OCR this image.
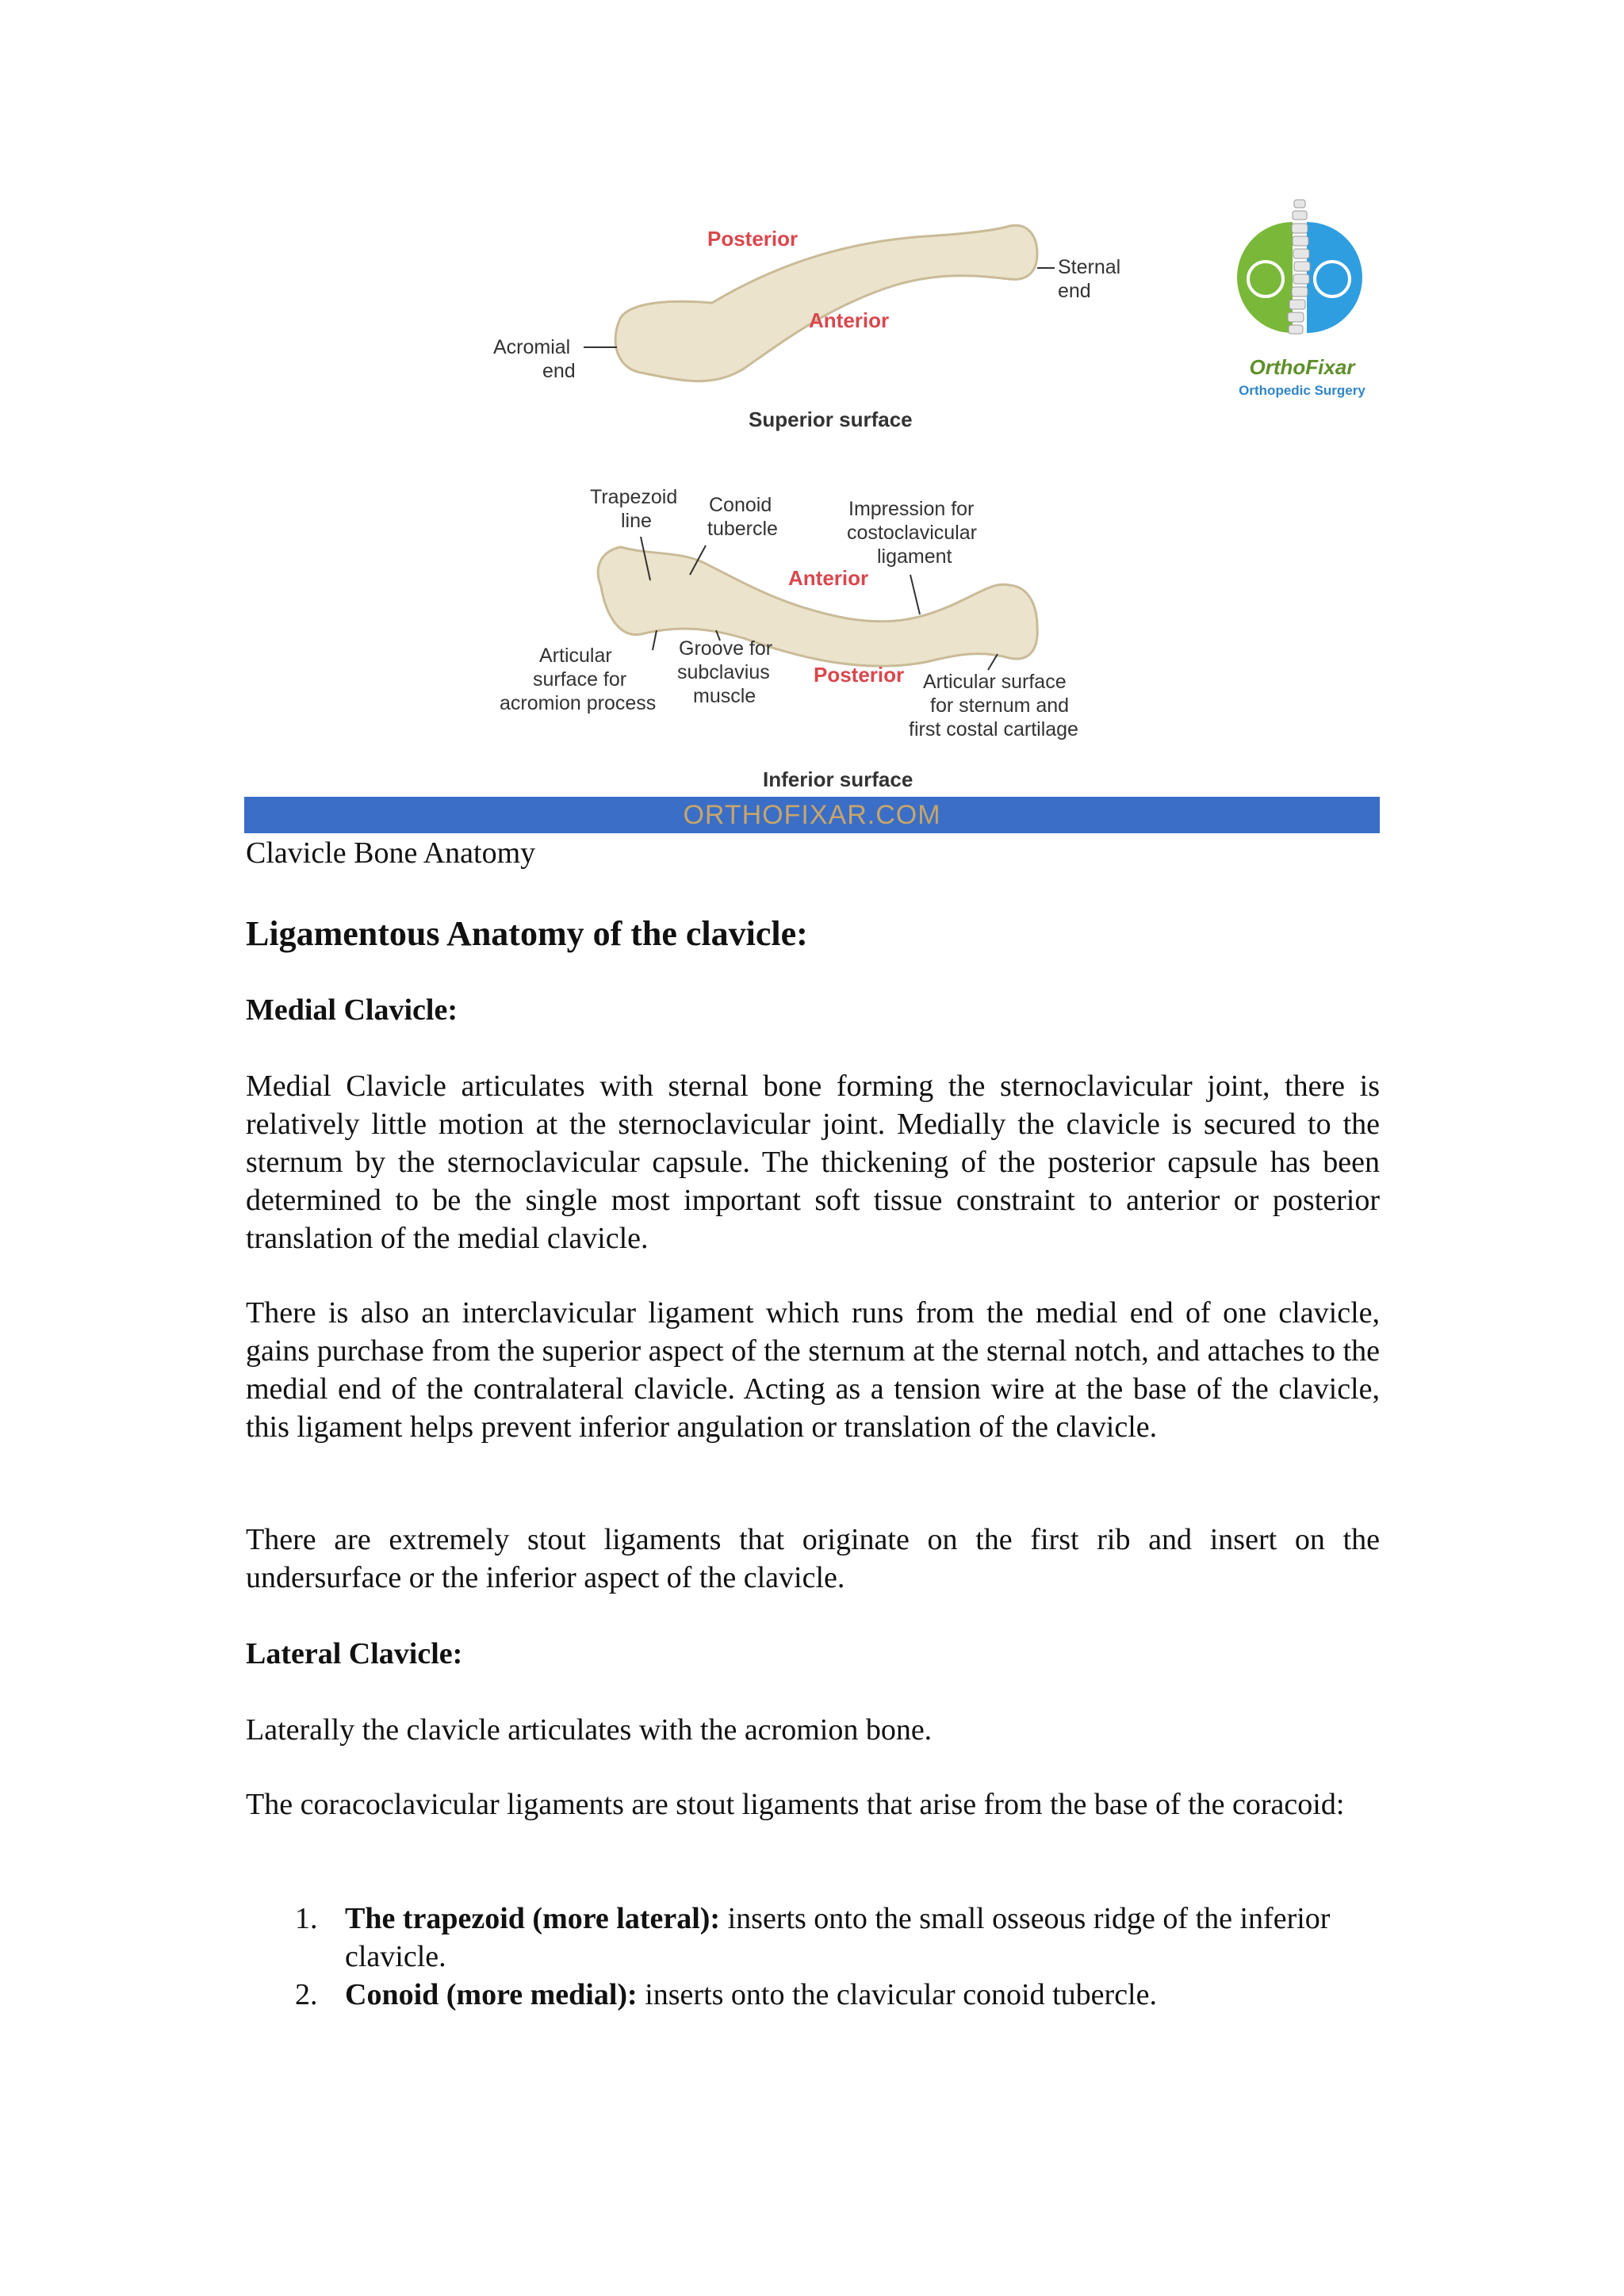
Posterior
Anterior
Sternal
end
Acromial
end
Superior surface
Trapezoid
line
Conoid
tubercle
Impression for
costoclavicular
ligament
Anterior
Articular
surface for
acromion process
Groove for
subclavius
muscle
Posterior Articular surface
for sternum and
first costal cartilage
Inferior surface
OrthoFixar
Orthopedic Surgery
ORTHOFIXAR.COM
Clavicle Bone Anatomy
Ligamentous Anatomy of the clavicle:
Medial Clavicle:

Medial Clavicle articulates with sternal bone forming the sternoclavicular joint, there is relatively little motion at the sternoclavicular joint. Medially the clavicle is secured to the sternum by the sternoclavicular capsule. The thickening of the posterior capsule has been determined to be the single most important soft tissue constraint to anterior or posterior translation of the medial clavicle.

There is also an interclavicular ligament which runs from the medial end of one clavicle, gains purchase from the superior aspect of the sternum at the sternal notch, and attaches to the medial end of the contralateral clavicle. Acting as a tension wire at the base of the clavicle, this ligament helps prevent inferior angulation or translation of the clavicle.

There are extremely stout ligaments that originate on the first rib and insert on the undersurface or the inferior aspect of the clavicle.

Lateral Clavicle:

Laterally the clavicle articulates with the acromion bone.

The coracoclavicular ligaments are stout ligaments that arise from the base of the coracoid:

1. The trapezoid (more lateral): inserts onto the small osseous ridge of the inferior clavicle.
2. Conoid (more medial): inserts onto the clavicular conoid tubercle.
